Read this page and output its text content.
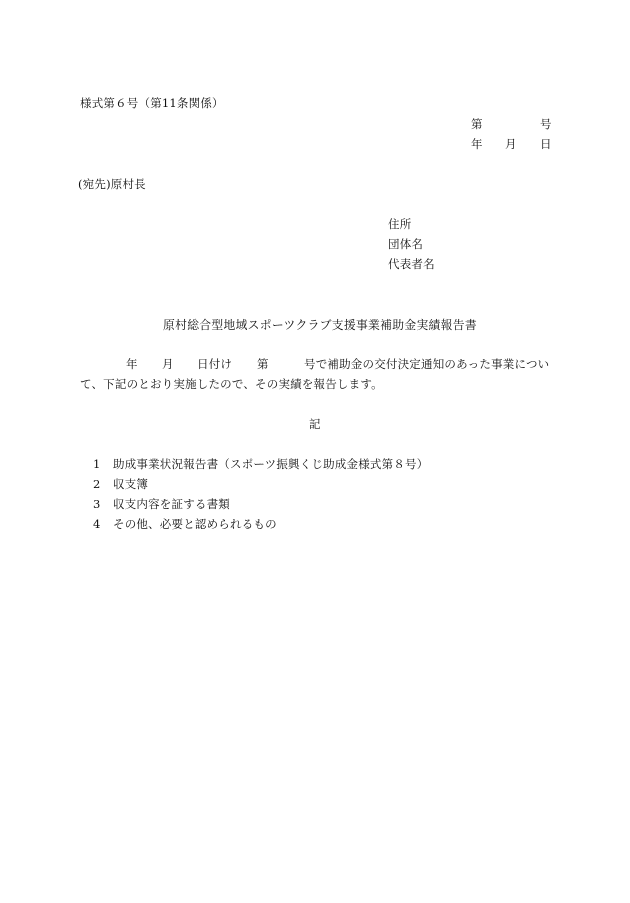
様式第６号（第11条関係）
第	号
年 月 日
(宛先)原村長
住所
団体名
代表者名
原村総合型地域スポーツクラブ支援事業補助金実績報告書
年 月 日付け 第	号で補助金の交付決定通知のあった事業につい
て、下記のとおり実施したので、その実績を報告します。
記
1 助成事業状況報告書（スポーツ振興くじ助成金様式第８号）
2 収支簿
3 収支内容を証する書類
4 その他、必要と認められるもの
